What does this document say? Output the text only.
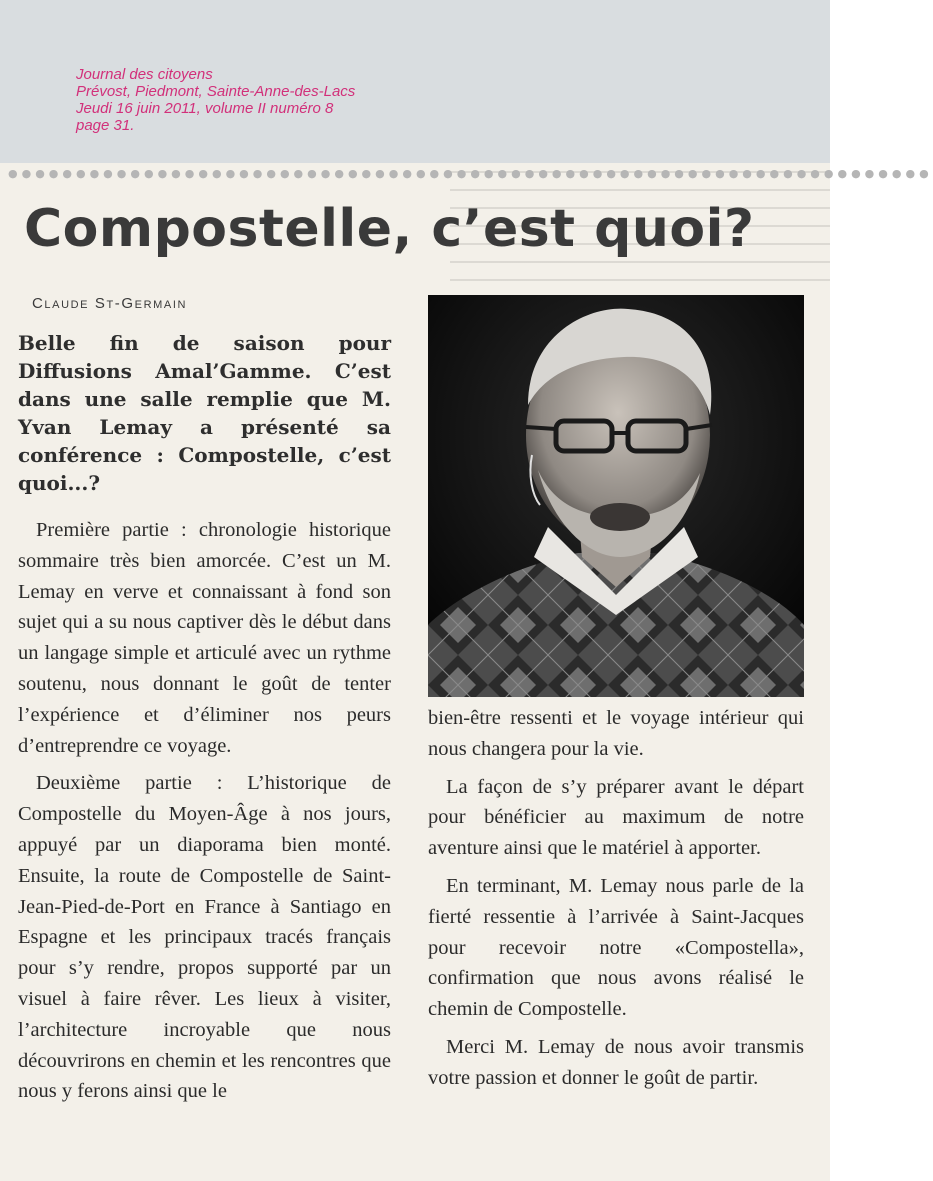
Journal des citoyens
Prévost, Piedmont, Sainte-Anne-des-Lacs
Jeudi 16 juin 2011, volume II numéro 8
page 31.
●●●●●●●●●●●●●●●●●●●●●●●●●●●●●●●●●●●●●●●●●●●●●●●●●●●●●●●●●●●●●●●●●●●●
Compostelle, c’est quoi?
Claude St-Germain
Belle fin de saison pour Diffusions Amal’Gamme. C’est dans une salle remplie que M. Yvan Lemay a présenté sa conférence : Compostelle, c’est quoi...?

Première partie : chronologie historique sommaire très bien amorcée. C’est un M. Lemay en verve et connaissant à fond son sujet qui a su nous captiver dès le début dans un langage simple et articulé avec un rythme soutenu, nous donnant le goût de tenter l’expérience et d’éliminer nos peurs d’entreprendre ce voyage.

Deuxième partie : L’historique de Compostelle du Moyen-Âge à nos jours, appuyé par un diaporama bien monté. Ensuite, la route de Compostelle de Saint-Jean-Pied-de-Port en France à Santiago en Espagne et les principaux tracés français pour s’y rendre, propos supporté par un visuel à faire rêver. Les lieux à visiter, l’architecture incroyable que nous découvrirons en chemin et les rencontres que nous y ferons ainsi que le

bien-être ressenti et le voyage intérieur qui nous changera pour la vie.

La façon de s’y préparer avant le départ pour bénéficier au maximum de notre aventure ainsi que le matériel à apporter.

En terminant, M. Lemay nous parle de la fierté ressentie à l’arrivée à Saint-Jacques pour recevoir notre «Compostella», confirmation que nous avons réalisé le chemin de Compostelle.

Merci M. Lemay de nous avoir transmis votre passion et donner le goût de partir.
